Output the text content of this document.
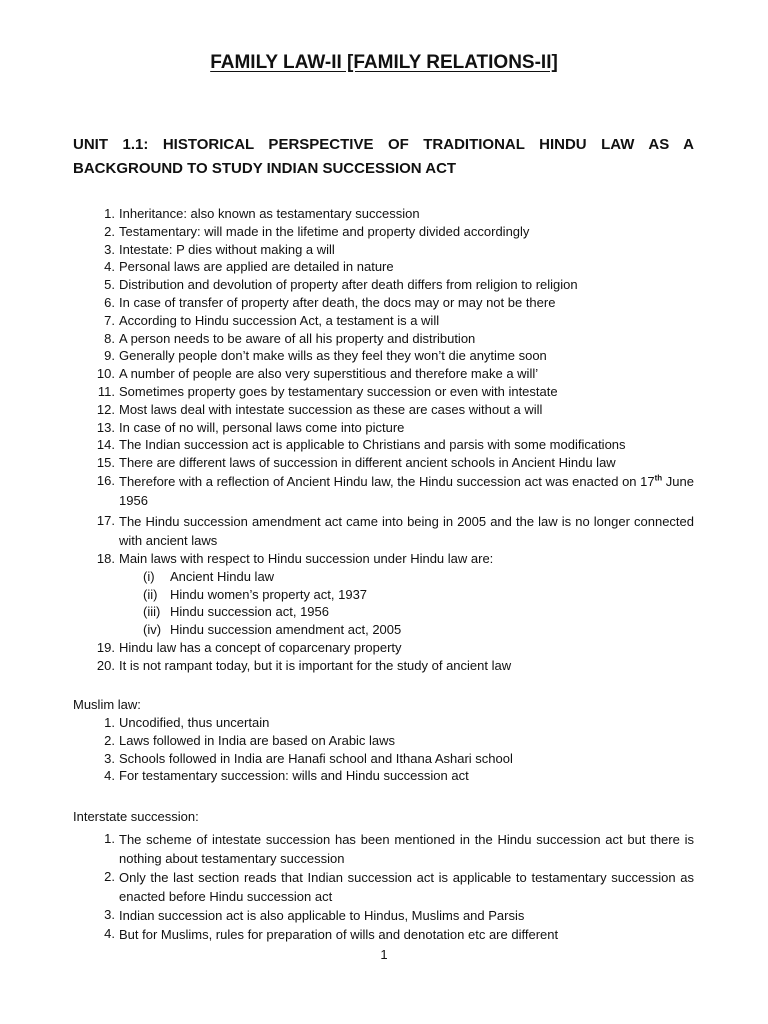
FAMILY LAW-II [FAMILY RELATIONS-II]

UNIT 1.1: HISTORICAL PERSPECTIVE OF TRADITIONAL HINDU LAW AS A BACKGROUND TO STUDY INDIAN SUCCESSION ACT

1 . Inheritance: also known as testamentary succession
2 . Testamentary: will made in the lifetime and property divided accordingly
3 . Intestate: P dies without making a will
4 . Personal laws are applied are detailed in nature
5 . Distribution and devolution of property after death differs from religion to religion
6 . In case of transfer of property after death, the docs may or may not be there
7 . According to Hindu succession Act, a testament is a will
8 . A person needs to be aware of all his property and distribution
9 . Generally people don’t make wills as they feel they won’t die anytime soon
10 . A number of people are also very superstitious and therefore make a will’
11 . Sometimes property goes by testamentary succession or even with intestate
12 . Most laws deal with intestate succession as these are cases without a will
13 . In case of no will, personal laws come into picture
14 . The Indian succession act is applicable to Christians and parsis with some modifications
15 . There are different laws of succession in different ancient schools in Ancient Hindu law
16 . Therefore with a reflection of Ancient Hindu law, the Hindu succession act was enacted on 17th June 1956
17 . The Hindu succession amendment act came into being in 2005 and the law is no longer connected with ancient laws
18 . Main laws with respect to Hindu succession under Hindu law are:
(i)	Ancient Hindu law
(ii) Hindu women’s property act, 1937
(iii) Hindu succession act, 1956
(iv) Hindu succession amendment act, 2005
19 . Hindu law has a concept of coparcenary property
20 . It is not rampant today, but it is important for the study of ancient law

Muslim law:

1 . Uncodified, thus uncertain
2 . Laws followed in India are based on Arabic laws
3 . Schools followed in India are Hanafi school and Ithana Ashari school
4 . For testamentary succession: wills and Hindu succession act

Interstate succession:

1 . The scheme of intestate succession has been mentioned in the Hindu succession act but there is nothing about testamentary succession
2 . Only the last section reads that Indian succession act is applicable to testamentary succession as enacted before Hindu succession act
3 . Indian succession act is also applicable to Hindus, Muslims and Parsis
4 . But for Muslims, rules for preparation of wills and denotation etc are different
1
